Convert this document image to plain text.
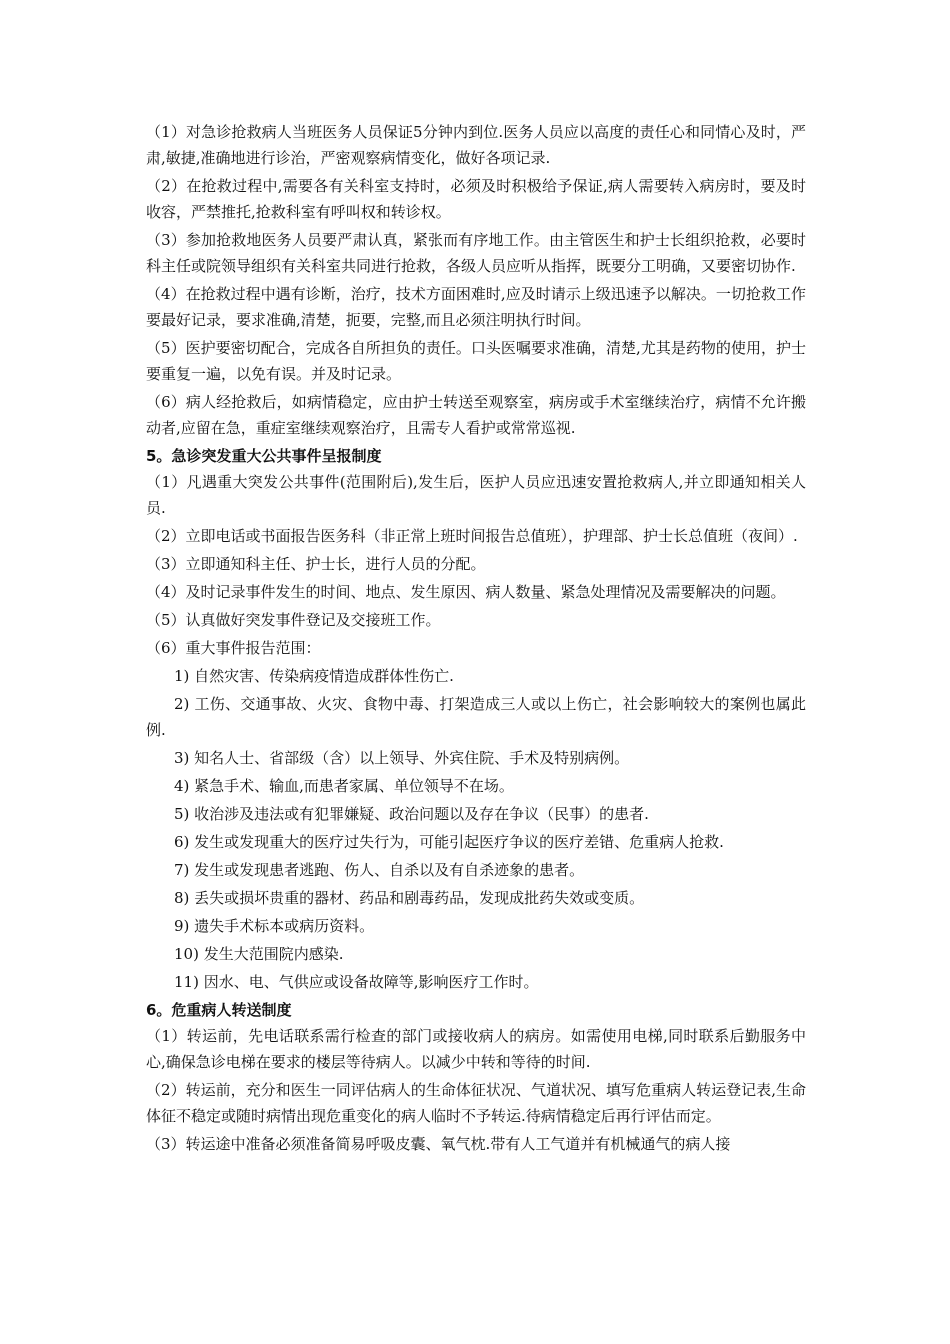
（1）对急诊抢救病人当班医务人员保证5分钟内到位.医务人员应以高度的责任心和同情心及时，严肃,敏捷,准确地进行诊治，严密观察病情变化，做好各项记录.

（2）在抢救过程中,需要各有关科室支持时，必须及时积极给予保证,病人需要转入病房时，要及时收容，严禁推托,抢救科室有呼叫权和转诊权。

（3）参加抢救地医务人员要严肃认真，紧张而有序地工作。由主管医生和护士长组织抢救，必要时科主任或院领导组织有关科室共同进行抢救，各级人员应听从指挥，既要分工明确，又要密切协作.

（4）在抢救过程中遇有诊断，治疗，技术方面困难时,应及时请示上级迅速予以解决。一切抢救工作要最好记录，要求准确,清楚，扼要，完整,而且必须注明执行时间。

（5）医护要密切配合，完成各自所担负的责任。口头医嘱要求准确，清楚,尤其是药物的使用，护士要重复一遍，以免有误。并及时记录。

（6）病人经抢救后，如病情稳定，应由护士转送至观察室，病房或手术室继续治疗，病情不允许搬动者,应留在急，重症室继续观察治疗，且需专人看护或常常巡视.

5。急诊突发重大公共事件呈报制度

（1）凡遇重大突发公共事件(范围附后),发生后，医护人员应迅速安置抢救病人,并立即通知相关人员.

（2）立即电话或书面报告医务科（非正常上班时间报告总值班），护理部、护士长总值班（夜间）.

（3）立即通知科主任、护士长，进行人员的分配。

（4）及时记录事件发生的时间、地点、发生原因、病人数量、紧急处理情况及需要解决的问题。

（5）认真做好突发事件登记及交接班工作。

（6）重大事件报告范围：

1) 自然灾害、传染病疫情造成群体性伤亡.

2) 工伤、交通事故、火灾、食物中毒、打架造成三人或以上伤亡，社会影响较大的案例也属此例.

3) 知名人士、省部级（含）以上领导、外宾住院、手术及特别病例。

4) 紧急手术、输血,而患者家属、单位领导不在场。

5) 收治涉及违法或有犯罪嫌疑、政治问题以及存在争议（民事）的患者.

6) 发生或发现重大的医疗过失行为，可能引起医疗争议的医疗差错、危重病人抢救.

7) 发生或发现患者逃跑、伤人、自杀以及有自杀迹象的患者。

8) 丢失或损坏贵重的器材、药品和剧毒药品，发现成批药失效或变质。

9) 遗失手术标本或病历资料。

10) 发生大范围院内感染.

11) 因水、电、气供应或设备故障等,影响医疗工作时。

6。危重病人转送制度

（1）转运前，先电话联系需行检查的部门或接收病人的病房。如需使用电梯,同时联系后勤服务中心,确保急诊电梯在要求的楼层等待病人。以减少中转和等待的时间.

（2）转运前，充分和医生一同评估病人的生命体征状况、气道状况、填写危重病人转运登记表,生命体征不稳定或随时病情出现危重变化的病人临时不予转运.待病情稳定后再行评估而定。

（3）转运途中准备必须准备简易呼吸皮囊、氧气枕.带有人工气道并有机械通气的病人接
